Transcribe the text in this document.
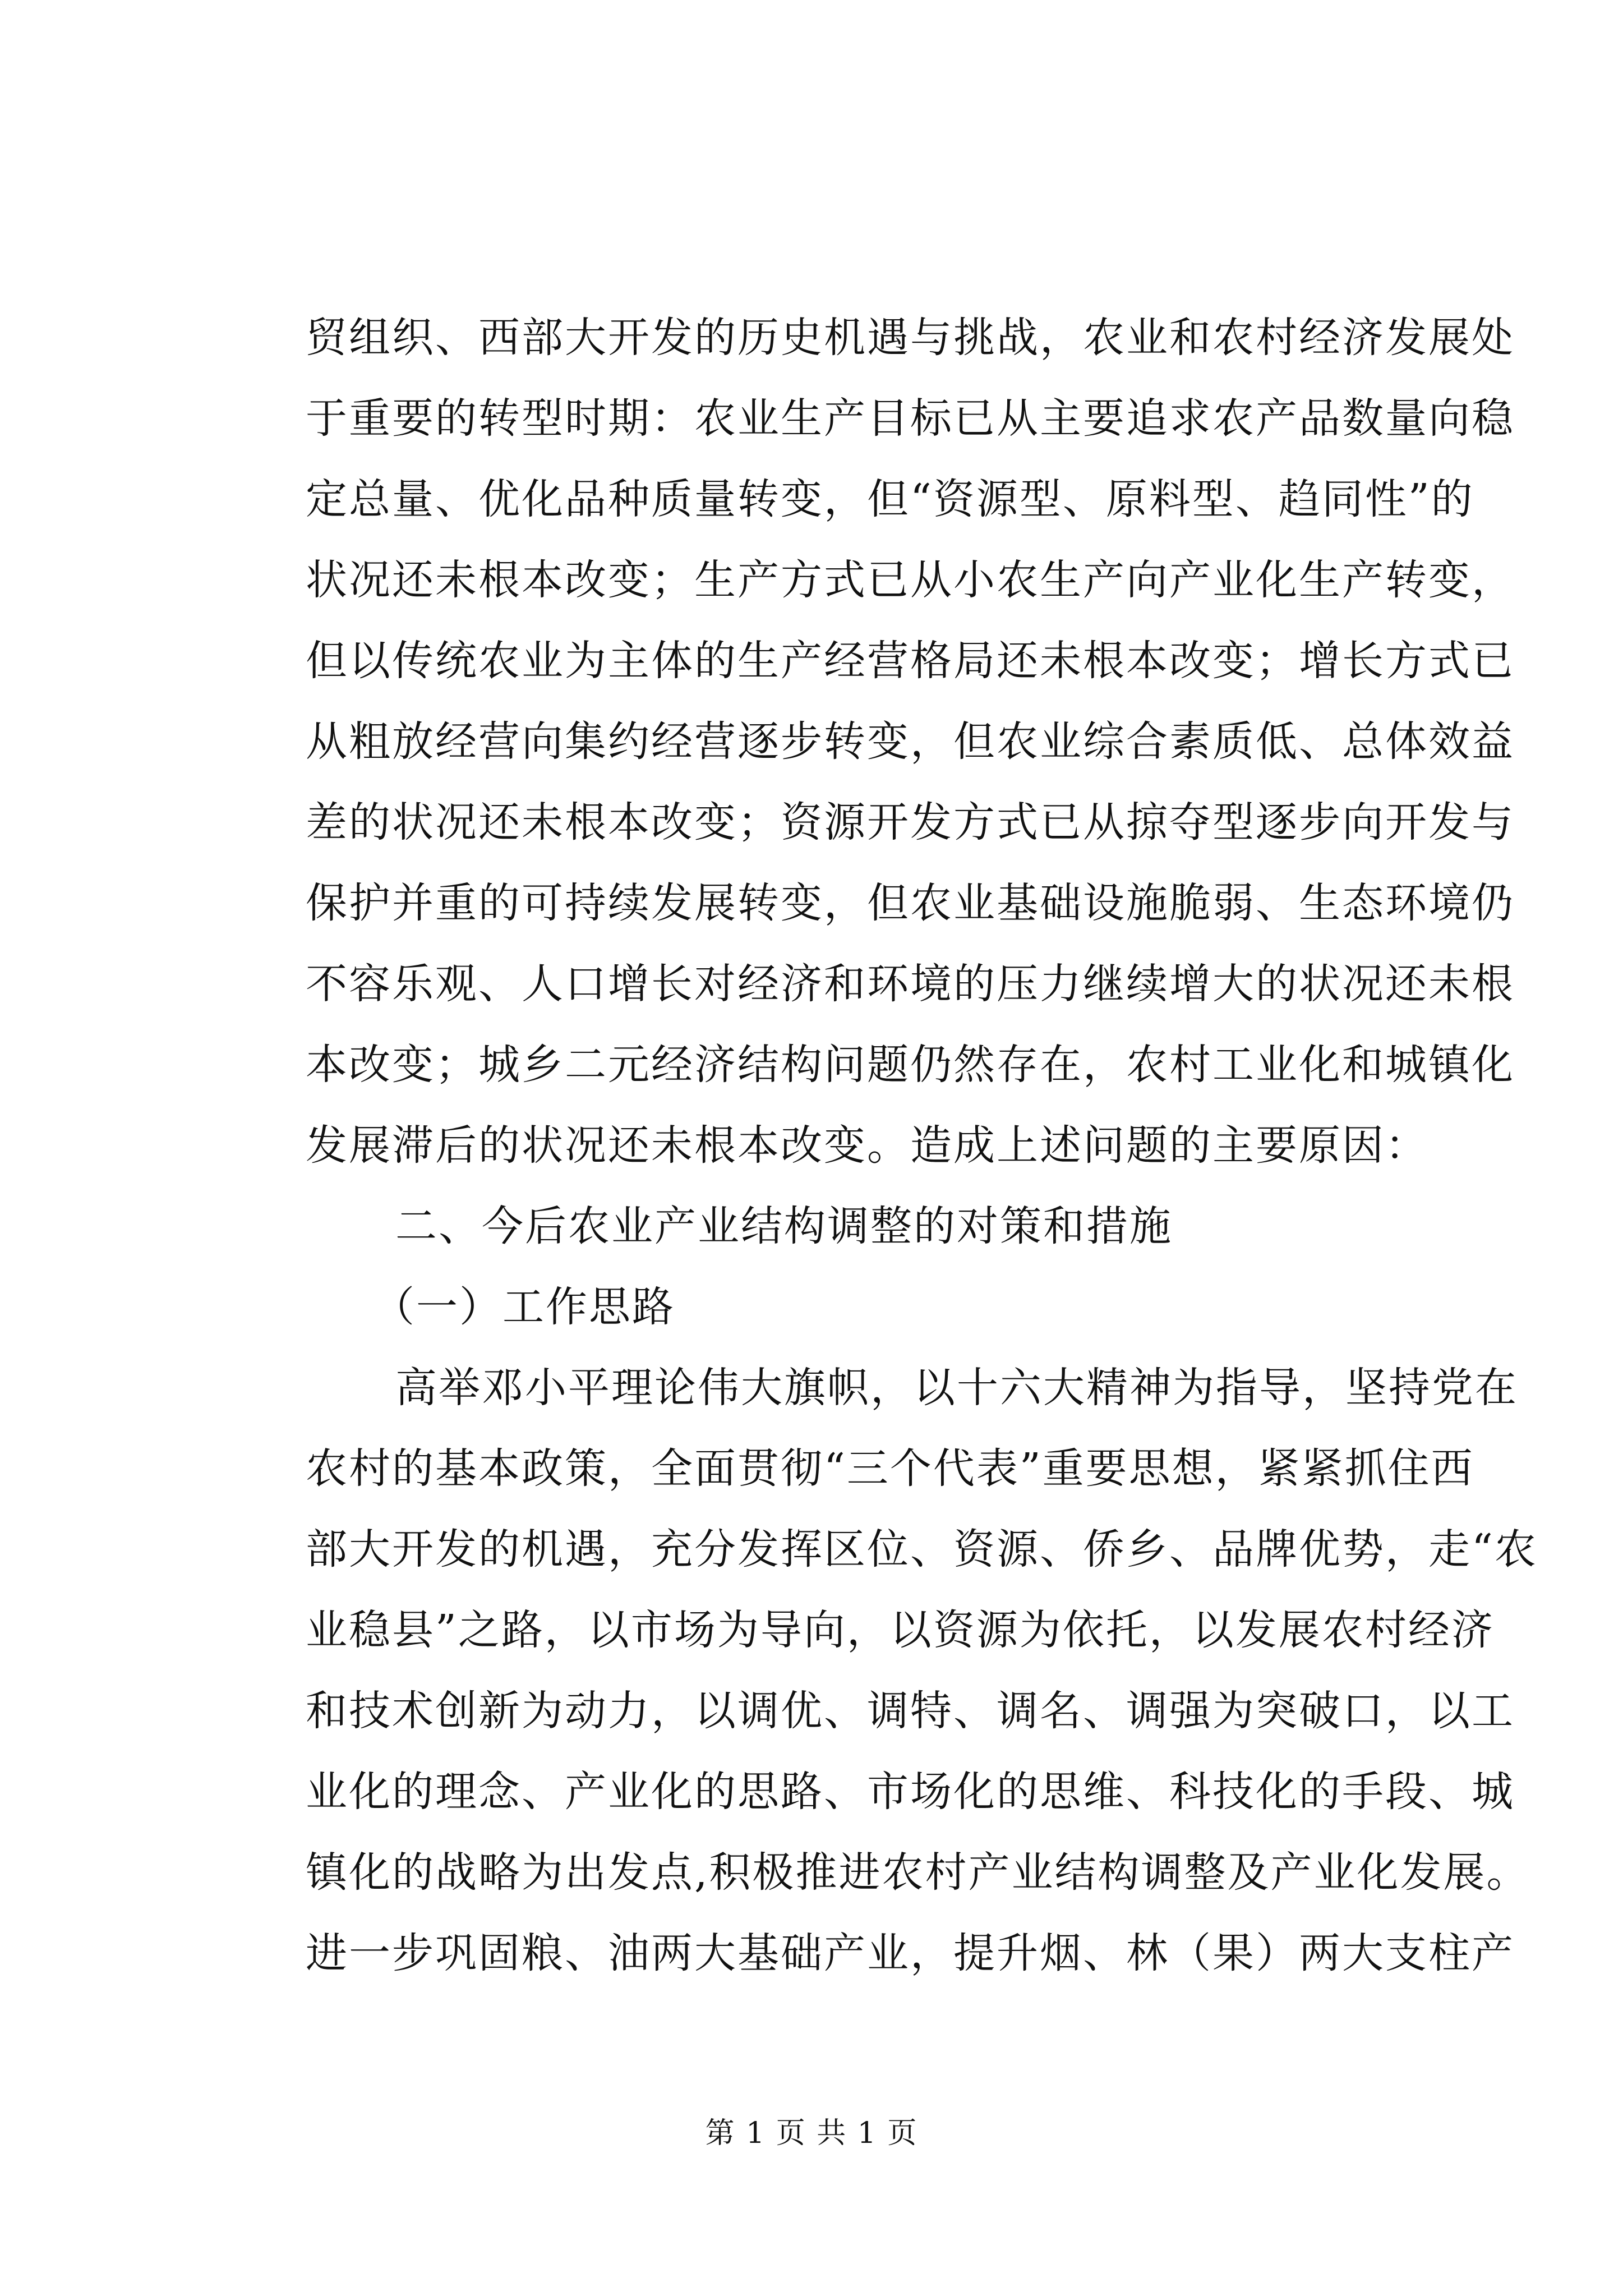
贸组织、西部大开发的历史机遇与挑战，农业和农村经济发展处
于重要的转型时期：农业生产目标已从主要追求农产品数量向稳
定总量、优化品种质量转变，但“资源型、原料型、趋同性”的
状况还未根本改变；生产方式已从小农生产向产业化生产转变，
但以传统农业为主体的生产经营格局还未根本改变；增长方式已
从粗放经营向集约经营逐步转变，但农业综合素质低、总体效益
差的状况还未根本改变；资源开发方式已从掠夺型逐步向开发与
保护并重的可持续发展转变，但农业基础设施脆弱、生态环境仍
不容乐观、人口增长对经济和环境的压力继续增大的状况还未根
本改变；城乡二元经济结构问题仍然存在，农村工业化和城镇化
发展滞后的状况还未根本改变。造成上述问题的主要原因：
二、今后农业产业结构调整的对策和措施
（一）工作思路
高举邓小平理论伟大旗帜，以十六大精神为指导，坚持党在
农村的基本政策，全面贯彻“三个代表”重要思想，紧紧抓住西
部大开发的机遇，充分发挥区位、资源、侨乡、品牌优势，走“农
业稳县”之路，以市场为导向，以资源为依托，以发展农村经济
和技术创新为动力，以调优、调特、调名、调强为突破口，以工
业化的理念、产业化的思路、市场化的思维、科技化的手段、城
镇化的战略为出发点,积极推进农村产业结构调整及产业化发展。
进一步巩固粮、油两大基础产业，提升烟、林（果）两大支柱产
第 1 页 共 1 页
